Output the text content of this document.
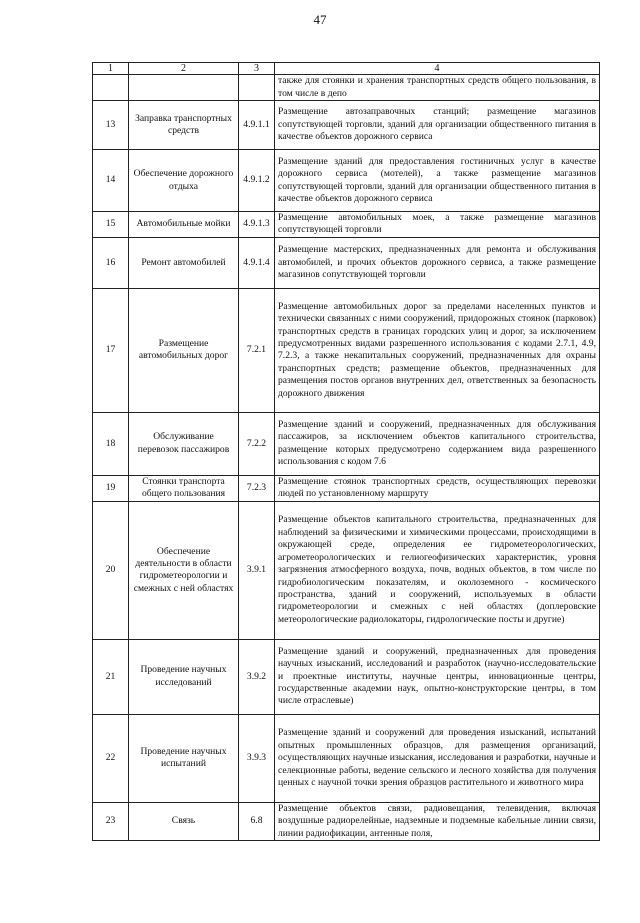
47
1	2	3	4
			также для стоянки и хранения транспортных средств общего пользования, в том числе в депо
13	Заправка транспортных средств	4.9.1.1	Размещение автозаправочных станций; размещение магазинов сопутствующей торговли, зданий для организации общественного питания в качестве объектов дорожного сервиса
14	Обеспечение дорожного отдыха	4.9.1.2	Размещение зданий для предоставления гостиничных услуг в качестве дорожного сервиса (мотелей), а также размещение магазинов сопутствующей торговли, зданий для организации общественного питания в качестве объектов дорожного сервиса
15	Автомобильные мойки	4.9.1.3	Размещение автомобильных моек, а также размещение магазинов сопутствующей торговли
16	Ремонт автомобилей	4.9.1.4	Размещение мастерских, предназначенных для ремонта и обслуживания автомобилей, и прочих объектов дорожного сервиса, а также размещение магазинов сопутствующей торговли
17	Размещение автомобильных дорог	7.2.1	Размещение автомобильных дорог за пределами населенных пунктов и технически связанных с ними сооружений, придорожных стоянок (парковок) транспортных средств в границах городских улиц и дорог, за исключением предусмотренных видами разрешенного использования с кодами 2.7.1, 4.9, 7.2.3, а также некапитальных сооружений, предназначенных для охраны транспортных средств; размещение объектов, предназначенных для размещения постов органов внутренних дел, ответственных за безопасность дорожного движения
18	Обслуживание перевозок пассажиров	7.2.2	Размещение зданий и сооружений, предназначенных для обслуживания пассажиров, за исключением объектов капитального строительства, размещение которых предусмотрено содержанием вида разрешенного использования с кодом 7.6
19	Стоянки транспорта общего пользования	7.2.3	Размещение стоянок транспортных средств, осуществляющих перевозки людей по установленному маршруту
20	Обеспечение деятельности в области гидрометеорологии и смежных с ней областях	3.9.1	Размещение объектов капитального строительства, предназначенных для наблюдений за физическими и химическими процессами, происходящими в окружающей среде, определения ее гидрометеорологических, агрометеорологических и гелиогеофизических характеристик, уровня загрязнения атмосферного воздуха, почв, водных объектов, в том числе по гидробиологическим показателям, и околоземного - космического пространства, зданий и сооружений, используемых в области гидрометеорологии и смежных с ней областях (доплеровские метеорологические радиолокаторы, гидрологические посты и другие)
21	Проведение научных исследований	3.9.2	Размещение зданий и сооружений, предназначенных для проведения научных изысканий, исследований и разработок (научно-исследовательские и проектные институты, научные центры, инновационные центры, государственные академии наук, опытно-конструкторские центры, в том числе отраслевые)
22	Проведение научных испытаний	3.9.3	Размещение зданий и сооружений для проведения изысканий, испытаний опытных промышленных образцов, для размещения организаций, осуществляющих научные изыскания, исследования и разработки, научные и селекционные работы, ведение сельского и лесного хозяйства для получения ценных с научной точки зрения образцов растительного и животного мира
23	Связь	6.8	Размещение объектов связи, радиовещания, телевидения, включая воздушные радиорелейные, надземные и подземные кабельные линии связи, линии радиофикации, антенные поля,
